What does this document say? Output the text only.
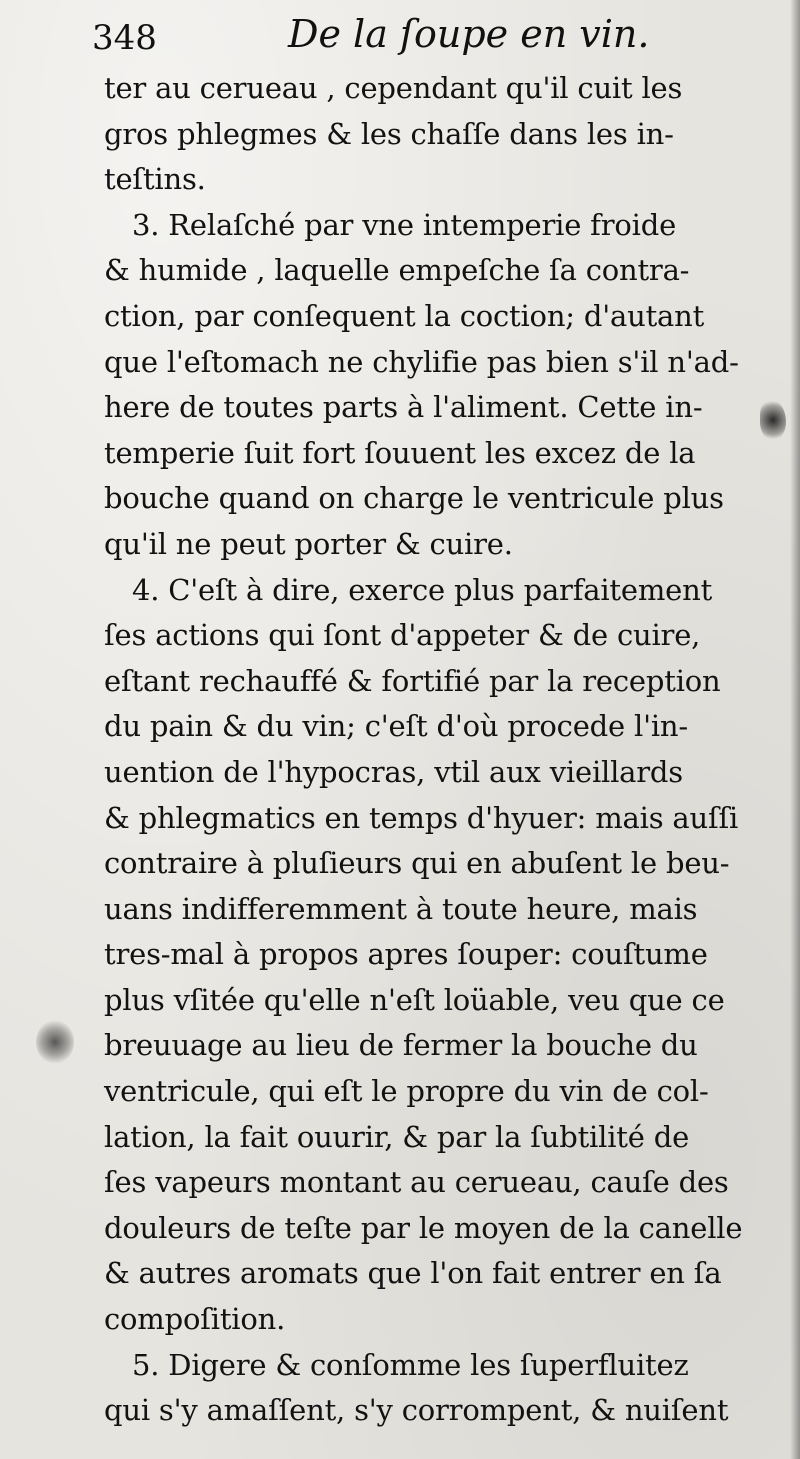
348	De la ſoupe en vin.
ter au cerueau , cependant qu'il cuit les
gros phlegmes & les chaſſe dans les in-
teſtins.
3. Relaſché par vne intemperie froide
& humide , laquelle empeſche ſa contra-
ction, par conſequent la coction; d'autant
que l'eſtomach ne chylifie pas bien s'il n'ad-
here de toutes parts à l'aliment. Cette in-
temperie ſuit fort ſouuent les excez de la
bouche quand on charge le ventricule plus
qu'il ne peut porter & cuire.
4. C'eſt à dire, exerce plus parfaitement
ſes actions qui ſont d'appeter & de cuire,
eſtant rechauffé & fortifié par la reception
du pain & du vin; c'eſt d'où procede l'in-
uention de l'hypocras, vtil aux vieillards
& phlegmatics en temps d'hyuer: mais auſſi
contraire à pluſieurs qui en abuſent le beu-
uans indifferemment à toute heure, mais
tres-mal à propos apres ſouper: couſtume
plus vſitée qu'elle n'eſt loüable, veu que ce
breuuage au lieu de fermer la bouche du
ventricule, qui eſt le propre du vin de col-
lation, la fait ouurir, & par la ſubtilité de
ſes vapeurs montant au cerueau, cauſe des
douleurs de teſte par le moyen de la canelle
& autres aromats que l'on fait entrer en ſa
compoſition.
5. Digere & conſomme les ſuperfluitez
qui s'y amaſſent, s'y corrompent, & nuiſent
